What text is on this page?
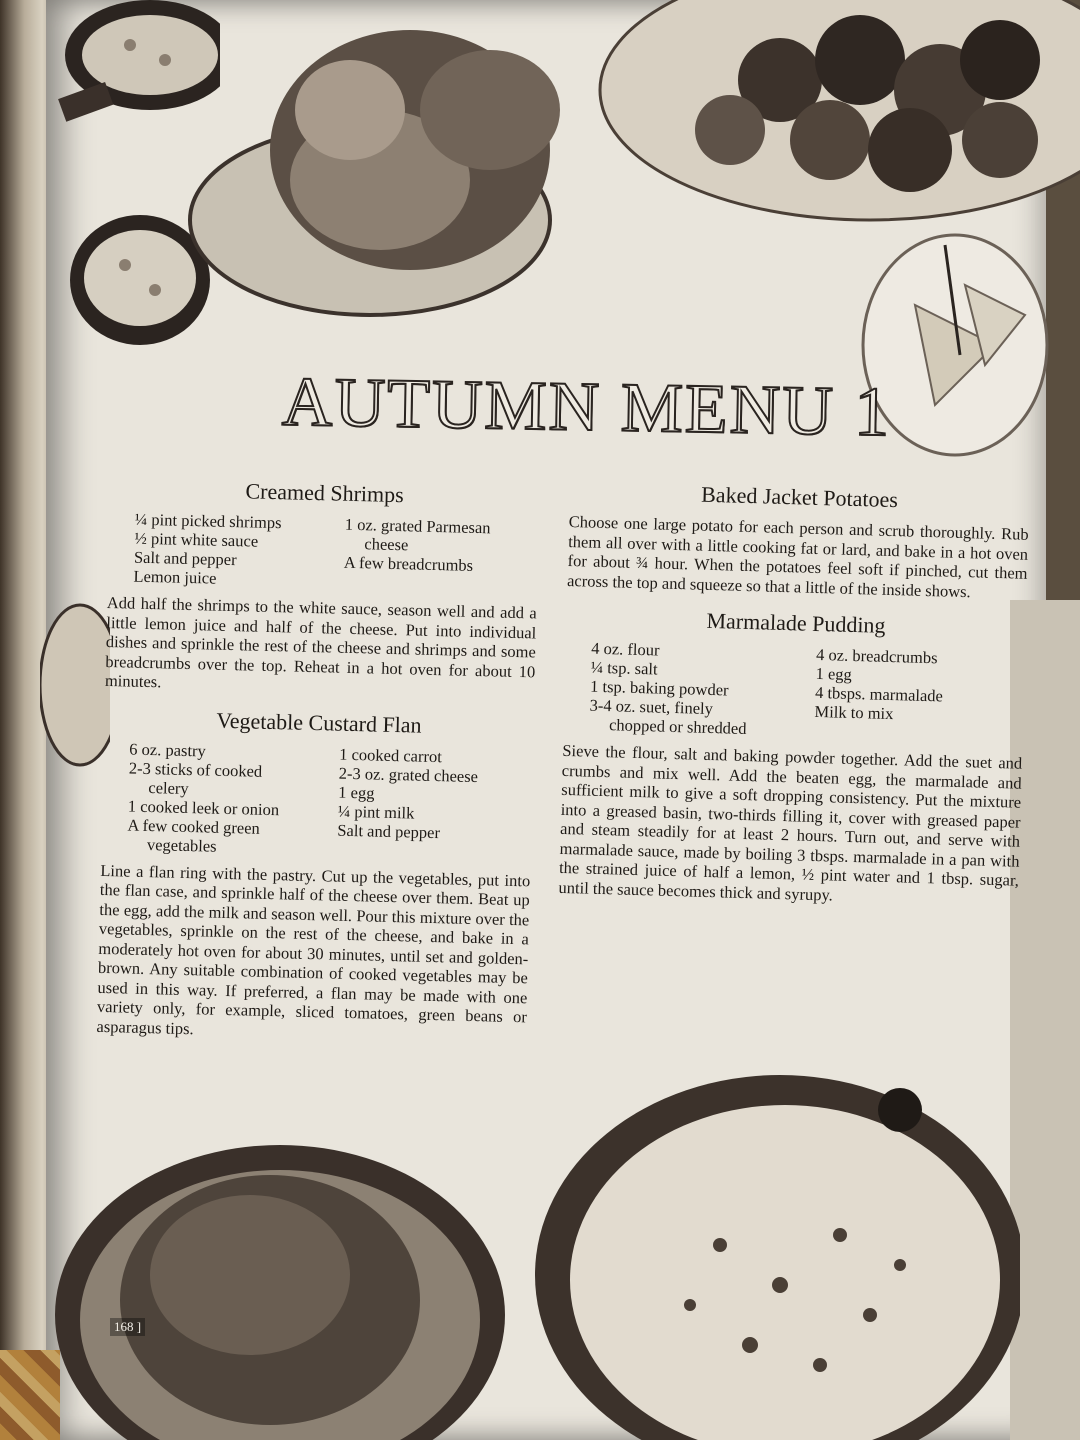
AUTUMN MENU 1
Creamed Shrimps
¼ pint picked shrimps
½ pint white sauce
Salt and pepper
Lemon juice
1 oz. grated Parmesan
cheese
A few breadcrumbs

Add half the shrimps to the white sauce, season well and add a little lemon juice and half of the cheese. Put into individual dishes and sprinkle the rest of the cheese and shrimps and some breadcrumbs over the top. Reheat in a hot oven for about 10 minutes.

Vegetable Custard Flan
6 oz. pastry
2-3 sticks of cooked
celery
1 cooked leek or onion
A few cooked green
vegetables
1 cooked carrot
2-3 oz. grated cheese
1 egg
¼ pint milk
Salt and pepper

Line a flan ring with the pastry. Cut up the vegetables, put into the flan case, and sprinkle half of the cheese over them. Beat up the egg, add the milk and season well. Pour this mixture over the vegetables, sprinkle on the rest of the cheese, and bake in a moderately hot oven for about 30 minutes, until set and golden-brown. Any suitable combination of cooked vegetables may be used in this way. If preferred, a flan may be made with one variety only, for example, sliced tomatoes, green beans or asparagus tips.

Baked Jacket Potatoes

Choose one large potato for each person and scrub thoroughly. Rub them all over with a little cooking fat or lard, and bake in a hot oven for about ¾ hour. When the potatoes feel soft if pinched, cut them across the top and squeeze so that a little of the inside shows.

Marmalade Pudding
4 oz. flour
¼ tsp. salt
1 tsp. baking powder
3-4 oz. suet, finely
chopped or shredded
4 oz. breadcrumbs
1 egg
4 tbsps. marmalade
Milk to mix

Sieve the flour, salt and baking powder together. Add the suet and crumbs and mix well. Add the beaten egg, the marmalade and sufficient milk to give a soft dropping consistency. Put the mixture into a greased basin, two-thirds filling it, cover with greased paper and steam steadily for at least 2 hours. Turn out, and serve with marmalade sauce, made by boiling 3 tbsps. marmalade in a pan with the strained juice of half a lemon, ½ pint water and 1 tbsp. sugar, until the sauce becomes thick and syrupy.

168 ]
